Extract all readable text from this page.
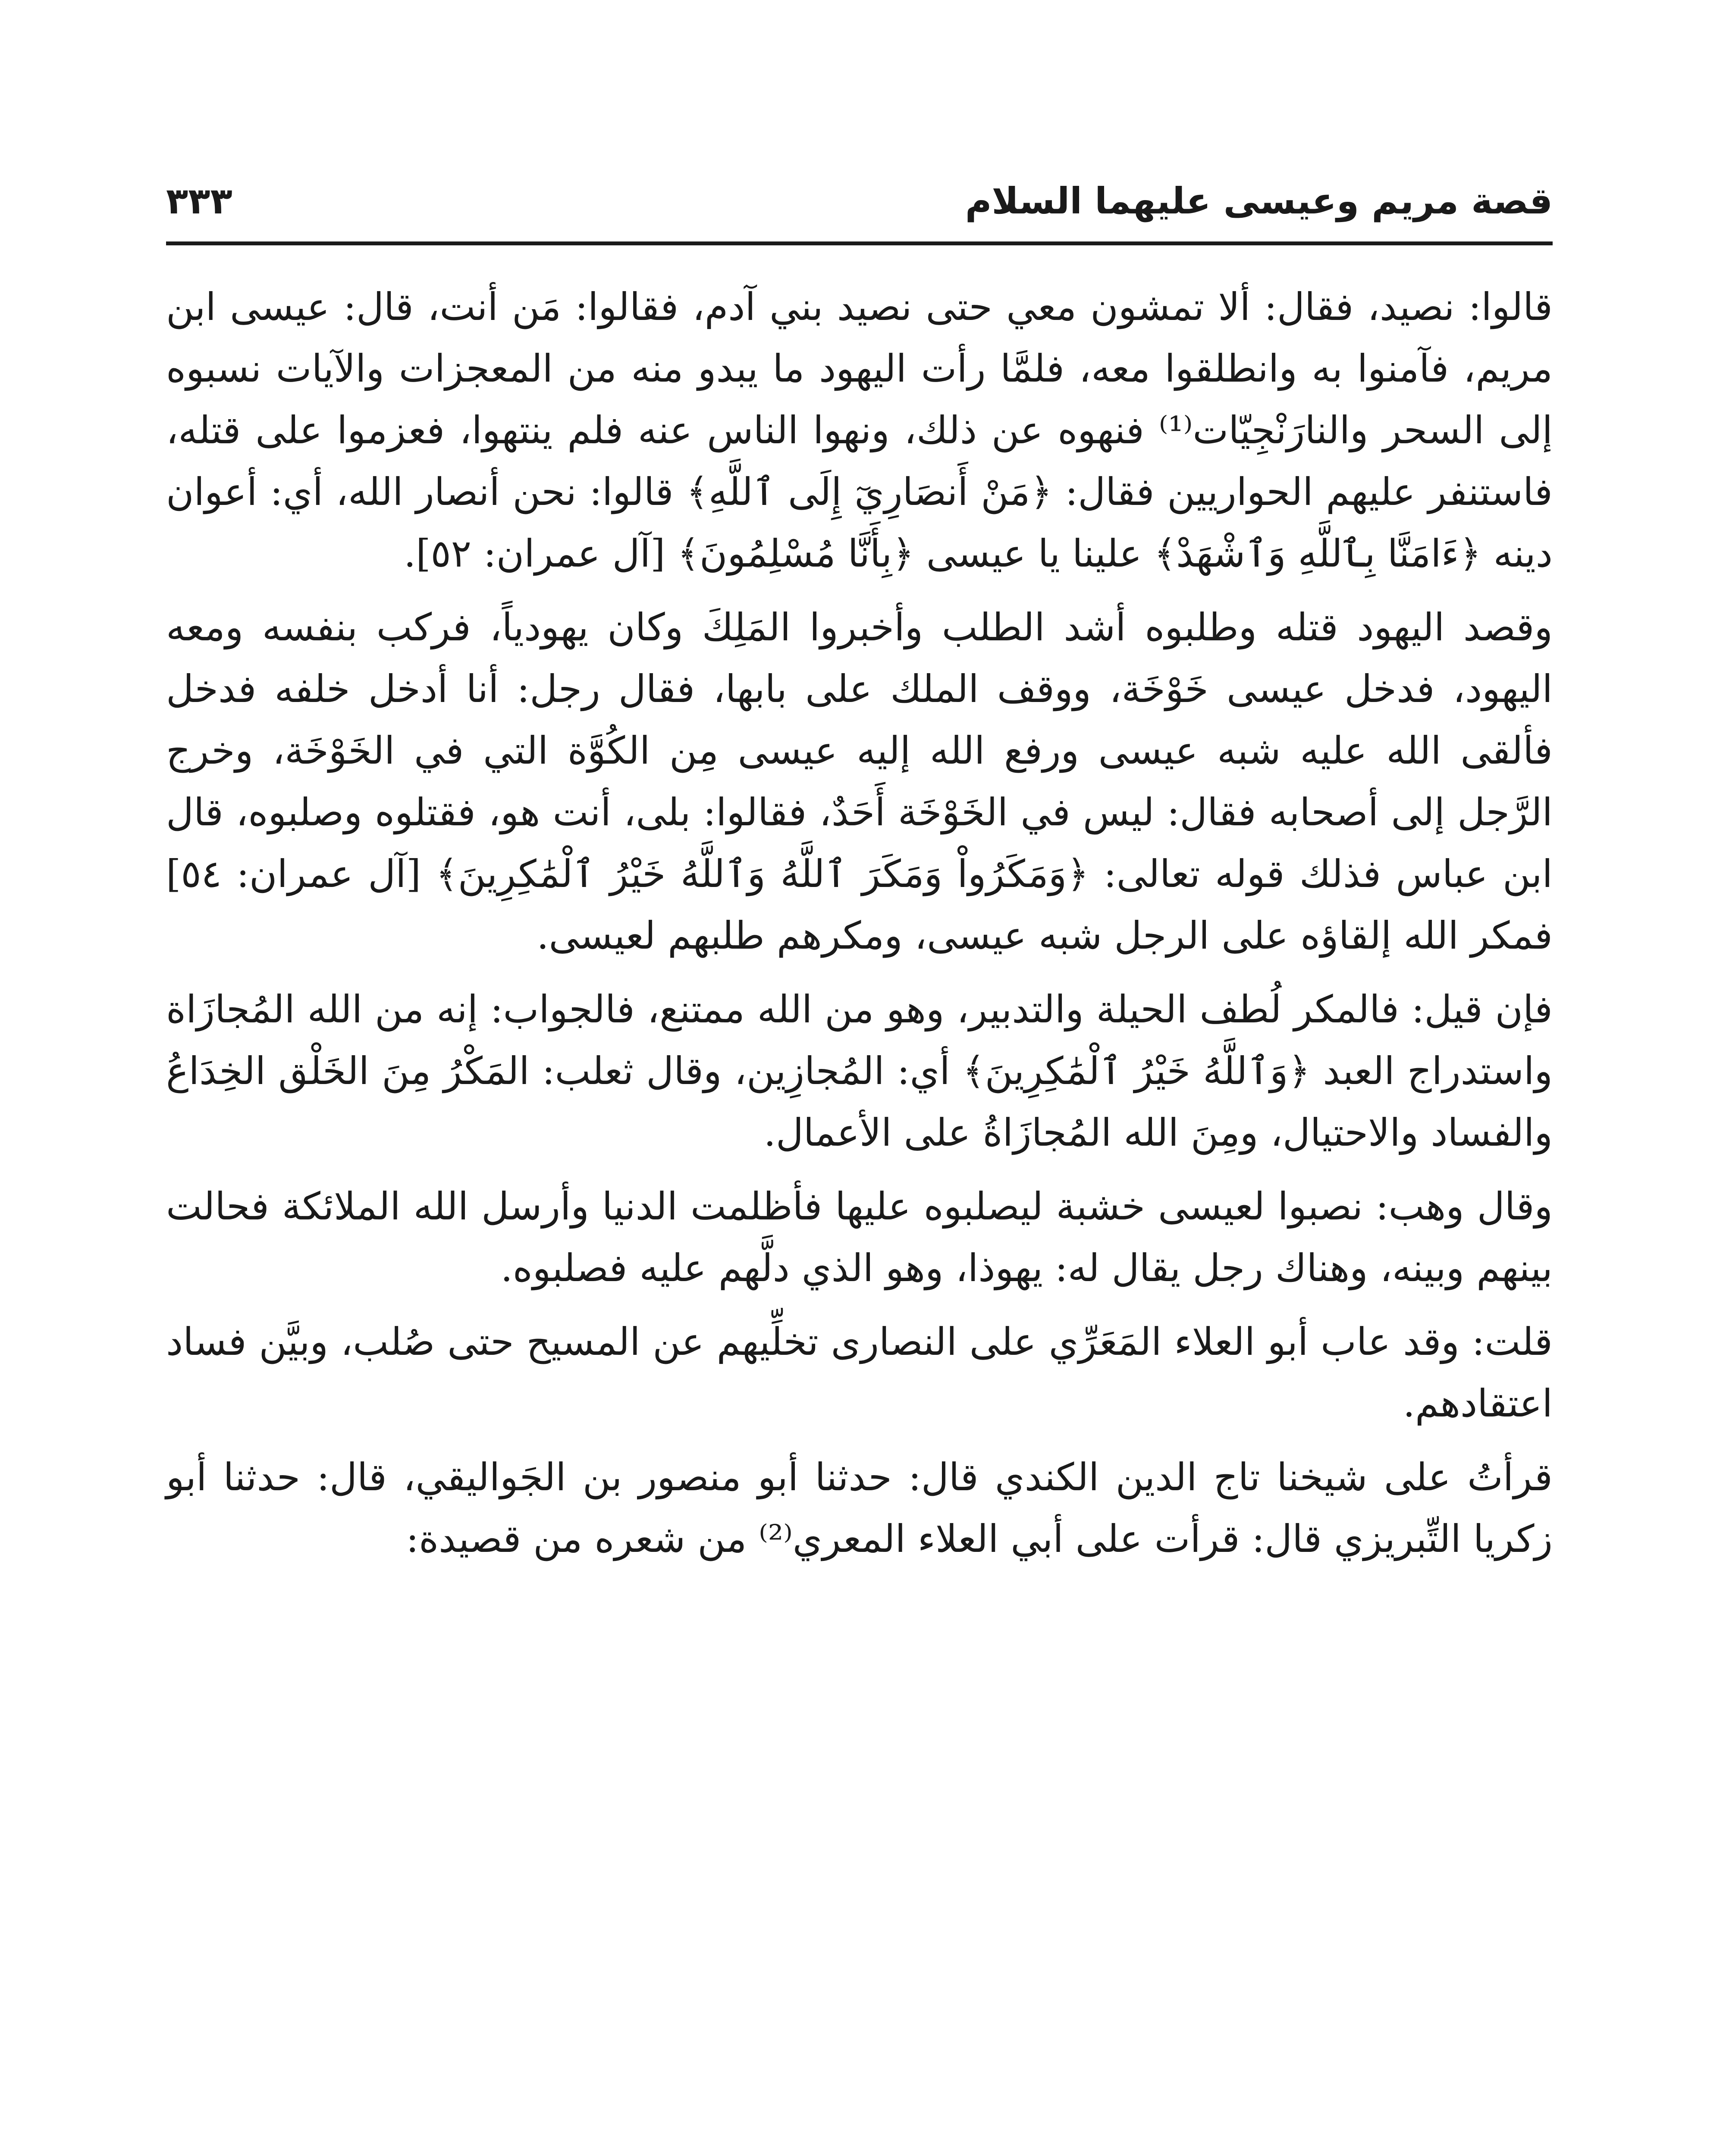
قصة مريم وعيسى عليهما السلام
٣٣٣

قالوا: نصيد، فقال: ألا تمشون معي حتى نصيد بني آدم، فقالوا: مَن أنت، قال: عيسى ابن مريم، فآمنوا به وانطلقوا معه، فلمَّا رأت اليهود ما يبدو منه من المعجزات والآيات نسبوه إلى السحر والنارَنْجِيّات⁽¹⁾ فنهوه عن ذلك، ونهوا الناس عنه فلم ينتهوا، فعزموا على قتله، فاستنفر عليهم الحواريين فقال: ﴿مَنْ أَنصَارِيٓ إِلَى ٱللَّهِ﴾ قالوا: نحن أنصار الله، أي: أعوان دينه ﴿ءَامَنَّا بِٱللَّهِ وَٱشْهَدْ﴾ علينا يا عيسى ﴿بِأَنَّا مُسْلِمُونَ﴾ [آل عمران: ٥٢].

وقصد اليهود قتله وطلبوه أشد الطلب وأخبروا المَلِكَ وكان يهودياً، فركب بنفسه ومعه اليهود، فدخل عيسى خَوْخَة، ووقف الملك على بابها، فقال رجل: أنا أدخل خلفه فدخل فألقى الله عليه شبه عيسى ورفع الله إليه عيسى مِن الكُوَّة التي في الخَوْخَة، وخرج الرَّجل إلى أصحابه فقال: ليس في الخَوْخَة أَحَدٌ، فقالوا: بلى، أنت هو، فقتلوه وصلبوه، قال ابن عباس فذلك قوله تعالى: ﴿وَمَكَرُواْ وَمَكَرَ ٱللَّهُ وَٱللَّهُ خَيْرُ ٱلْمَٰكِرِينَ﴾ [آل عمران: ٥٤] فمكر الله إلقاؤه على الرجل شبه عيسى، ومكرهم طلبهم لعيسى.

فإن قيل: فالمكر لُطف الحيلة والتدبير، وهو من الله ممتنع، فالجواب: إنه من الله المُجازَاة واستدراج العبد ﴿وَٱللَّهُ خَيْرُ ٱلْمَٰكِرِينَ﴾ أي: المُجازِين، وقال ثعلب: المَكْرُ مِنَ الخَلْق الخِدَاعُ والفساد والاحتيال، ومِنَ الله المُجازَاةُ على الأعمال.

وقال وهب: نصبوا لعيسى خشبة ليصلبوه عليها فأظلمت الدنيا وأرسل الله الملائكة فحالت بينهم وبينه، وهناك رجل يقال له: يهوذا، وهو الذي دلَّهم عليه فصلبوه.

قلت: وقد عاب أبو العلاء المَعَرِّي على النصارى تخلِّيهم عن المسيح حتى صُلب، وبيَّن فساد اعتقادهم.

قرأتُ على شيخنا تاج الدين الكندي قال: حدثنا أبو منصور بن الجَواليقي، قال: حدثنا أبو زكريا التِّبريزي قال: قرأت على أبي العلاء المعري⁽²⁾ من شعره من قصيدة:
